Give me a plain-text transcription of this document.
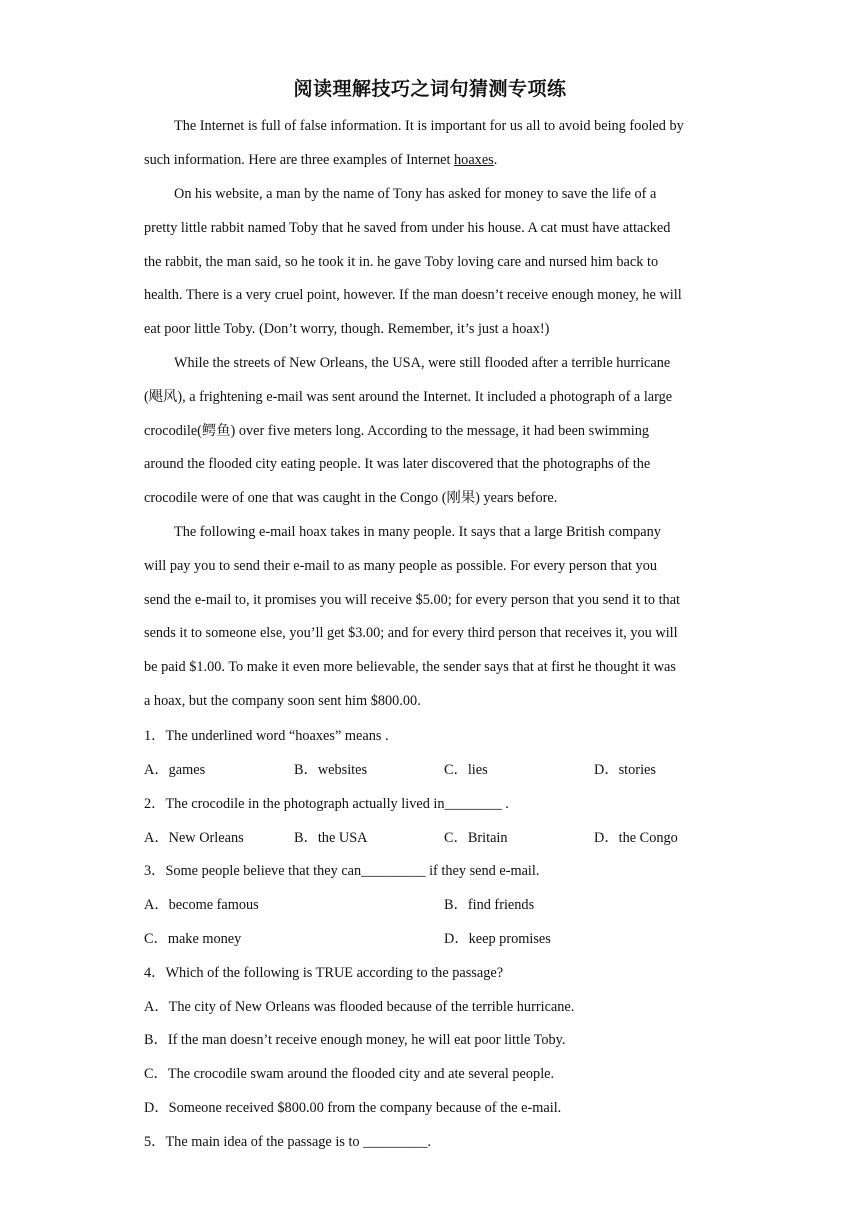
阅读理解技巧之词句猜测专项练
The Internet is full of false information. It is important for us all to avoid being fooled by
such information. Here are three examples of Internet hoaxes.
On his website, a man by the name of Tony has asked for money to save the life of a
pretty little rabbit named Toby that he saved from under his house. A cat must have attacked
the rabbit, the man said, so he took it in. he gave Toby loving care and nursed him back to
health. There is a very cruel point, however. If the man doesn’t receive enough money, he will
eat poor little Toby. (Don’t worry, though. Remember, it’s just a hoax!)
While the streets of New Orleans, the USA, were still flooded after a terrible hurricane
(飓风), a frightening e-mail was sent around the Internet. It included a photograph of a large
crocodile(鳄鱼) over five meters long. According to the message, it had been swimming
around the flooded city eating people. It was later discovered that the photographs of the
crocodile were of one that was caught in the Congo (刚果) years before.
The following e-mail hoax takes in many people. It says that a large British company
will pay you to send their e-mail to as many people as possible. For every person that you
send the e-mail to, it promises you will receive $5.00; for every person that you send it to that
sends it to someone else, you’ll get $3.00; and for every third person that receives it, you will
be paid $1.00. To make it even more believable, the sender says that at first he thought it was
a hoax, but the company soon sent him $800.00.
1．The underlined word “hoaxes” means .
A．games	B．websites	C．lies	D．stories
2．The crocodile in the photograph actually lived in________ .
A．New Orleans	B．the USA	C．Britain	D．the Congo
3．Some people believe that they can_________ if they send e-mail.
A．become famous	B．find friends
C．make money	D．keep promises
4．Which of the following is TRUE according to the passage?
A．The city of New Orleans was flooded because of the terrible hurricane.
B．If the man doesn’t receive enough money, he will eat poor little Toby.
C．The crocodile swam around the flooded city and ate several people.
D．Someone received $800.00 from the company because of the e-mail.
5．The main idea of the passage is to _________.
